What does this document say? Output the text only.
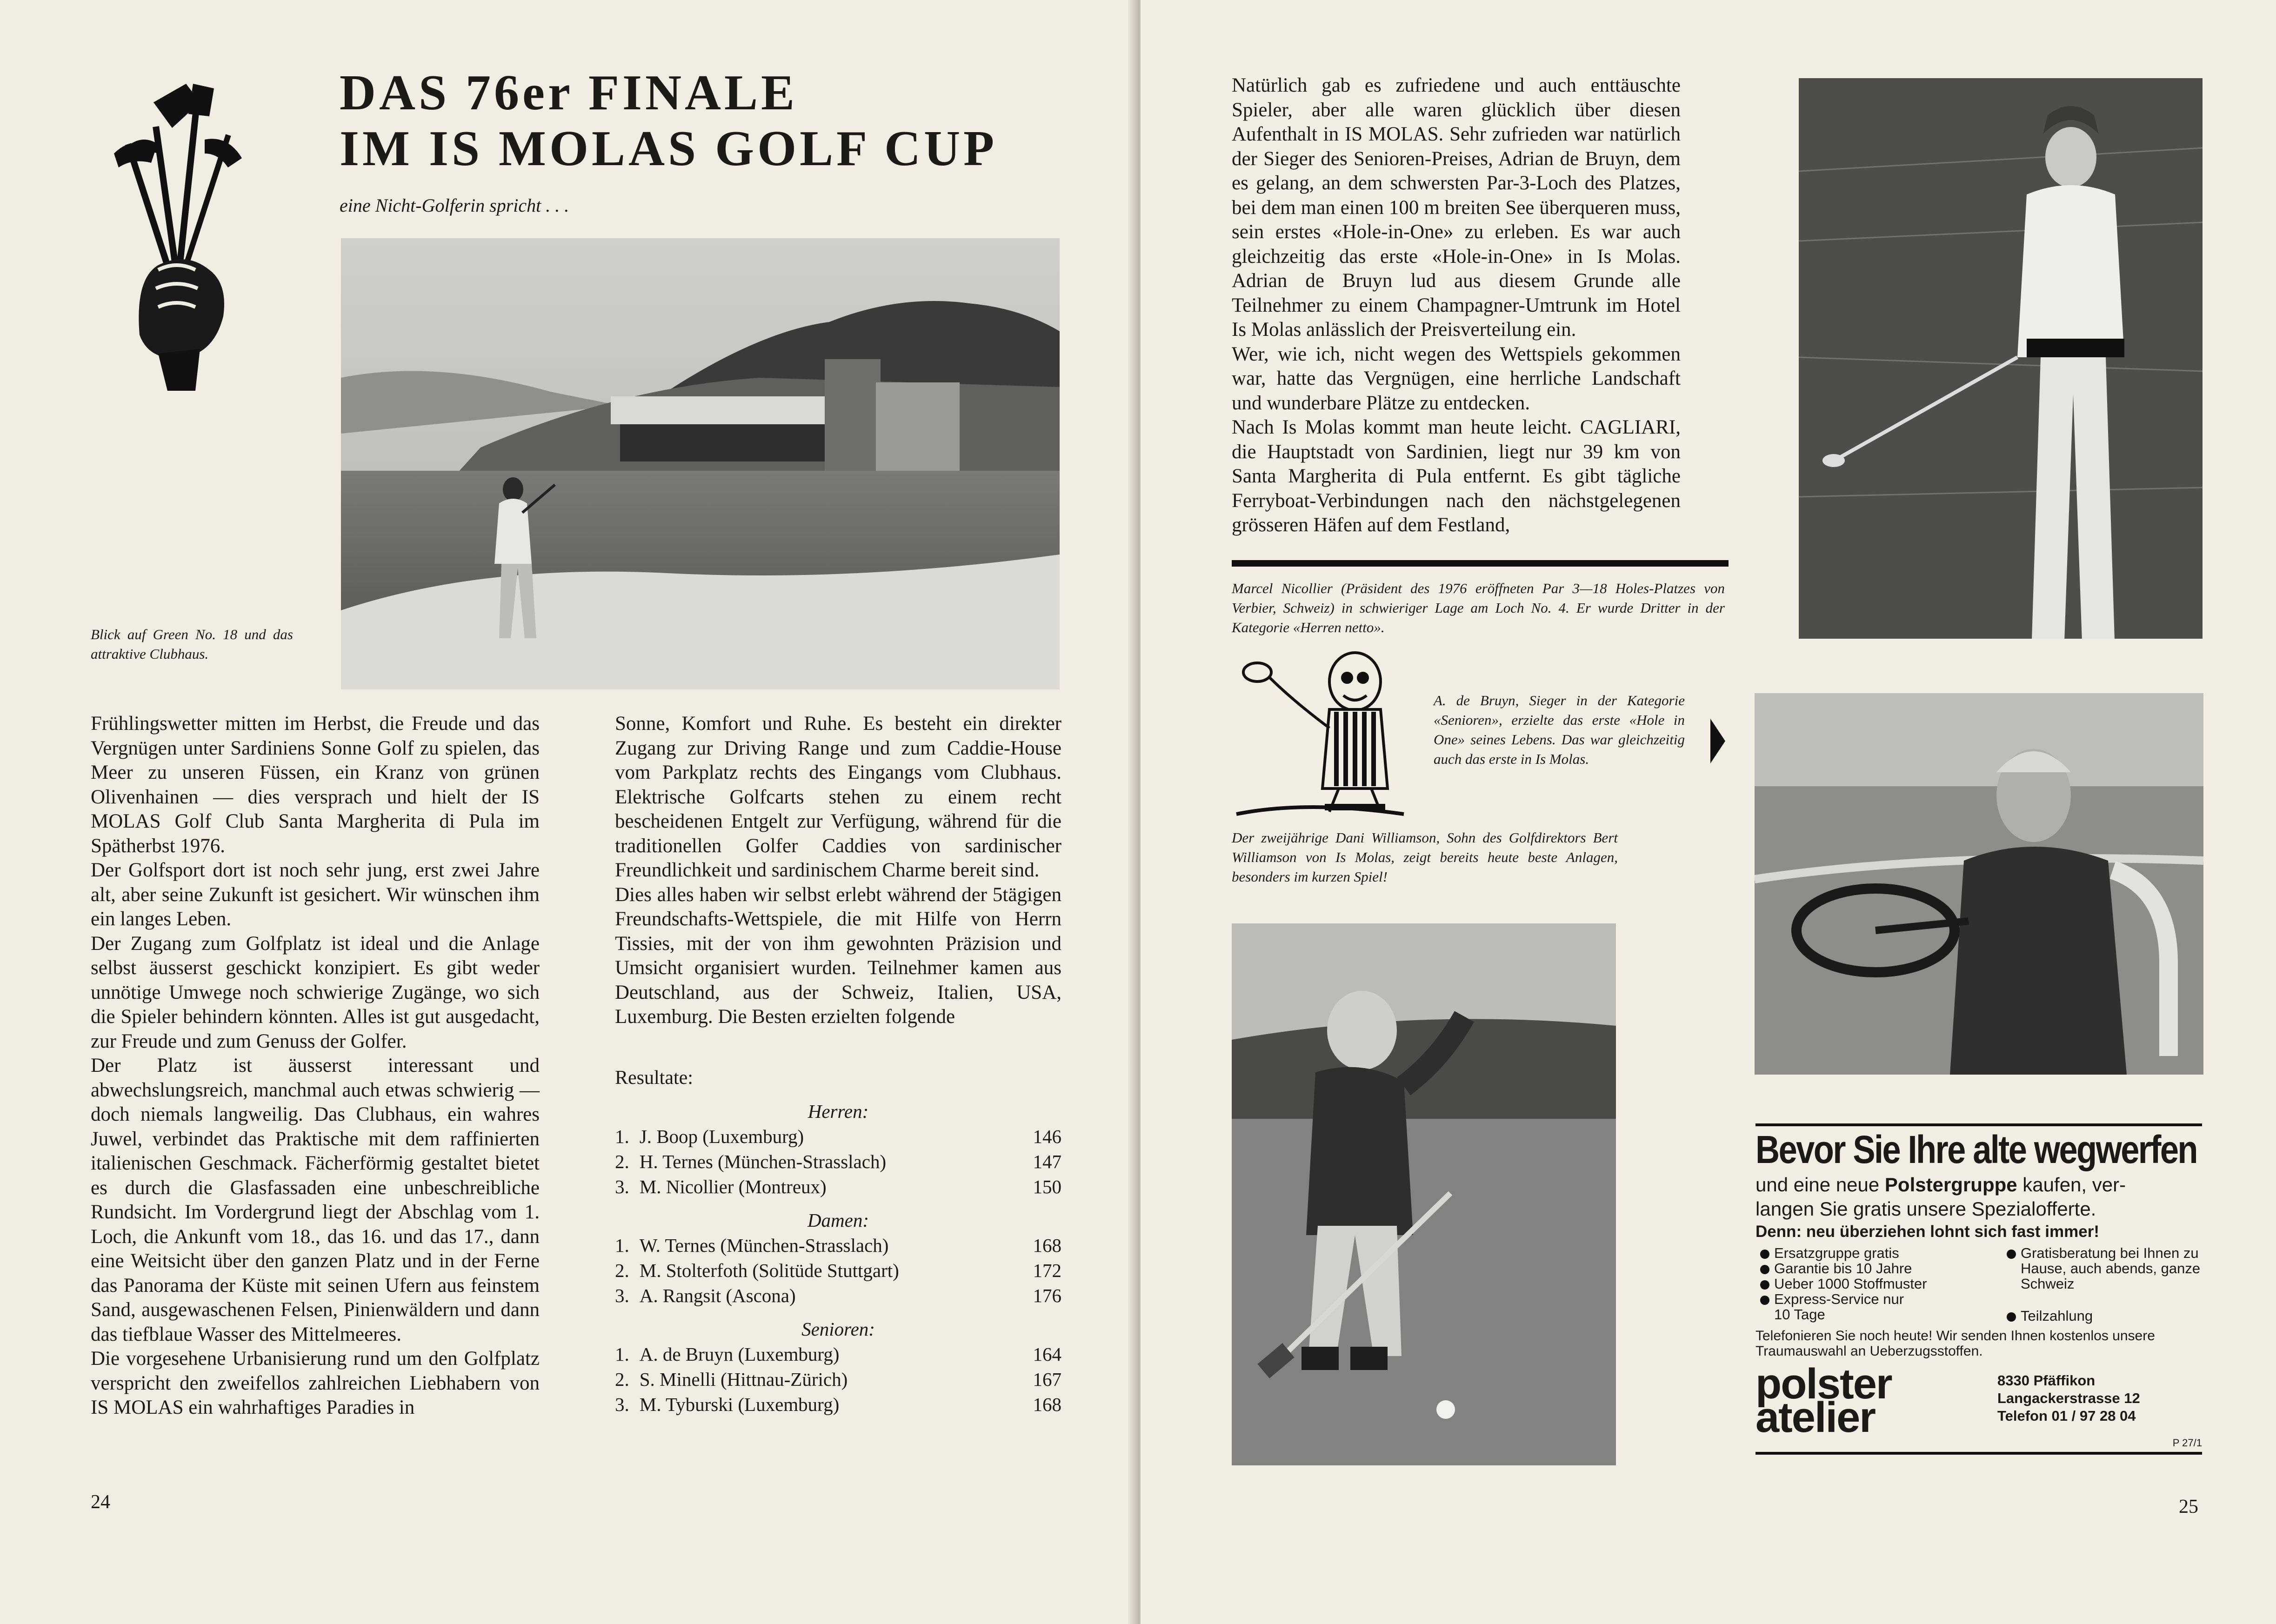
DAS 76er FINALE
IM IS MOLAS GOLF CUP
eine Nicht-Golferin spricht . . .
Blick auf Green No. 18 und das attraktive Clubhaus.

Frühlingswetter mitten im Herbst, die Freude und das Vergnügen unter Sardiniens Sonne Golf zu spielen, das Meer zu unseren Füssen, ein Kranz von grünen Olivenhainen — dies versprach und hielt der IS MOLAS Golf Club Santa Margherita di Pula im Spätherbst 1976.

Der Golfsport dort ist noch sehr jung, erst zwei Jahre alt, aber seine Zukunft ist gesichert. Wir wünschen ihm ein langes Leben.

Der Zugang zum Golfplatz ist ideal und die Anlage selbst äusserst geschickt konzipiert. Es gibt weder unnötige Umwege noch schwierige Zugänge, wo sich die Spieler behindern könnten. Alles ist gut ausgedacht, zur Freude und zum Genuss der Golfer.

Der Platz ist äusserst interessant und abwechslungsreich, manchmal auch etwas schwierig — doch niemals langweilig. Das Clubhaus, ein wahres Juwel, verbindet das Praktische mit dem raffinierten italienischen Geschmack. Fächerförmig gestaltet bietet es durch die Glasfassaden eine unbeschreibliche Rundsicht. Im Vordergrund liegt der Abschlag vom 1. Loch, die Ankunft vom 18., das 16. und das 17., dann eine Weitsicht über den ganzen Platz und in der Ferne das Panorama der Küste mit seinen Ufern aus feinstem Sand, ausgewaschenen Felsen, Pinienwäldern und dann das tiefblaue Wasser des Mittelmeeres.

Die vorgesehene Urbanisierung rund um den Golfplatz verspricht den zweifellos zahlreichen Liebhabern von IS MOLAS ein wahrhaftiges Paradies in

Sonne, Komfort und Ruhe. Es besteht ein direkter Zugang zur Driving Range und zum Caddie-House vom Parkplatz rechts des Eingangs vom Clubhaus. Elektrische Golfcarts stehen zu einem recht bescheidenen Entgelt zur Verfügung, während für die traditionellen Golfer Caddies von sardinischer Freundlichkeit und sardinischem Charme bereit sind.

Dies alles haben wir selbst erlebt während der 5tägigen Freundschafts-Wettspiele, die mit Hilfe von Herrn Tissies, mit der von ihm gewohnten Präzision und Umsicht organisiert wurden. Teilnehmer kamen aus Deutschland, aus der Schweiz, Italien, USA, Luxemburg. Die Besten erzielten folgende

Resultate:
Herren:
1. J. Boop (Luxemburg)	146
2. H. Ternes (München-Strasslach)	147
3. M. Nicollier (Montreux)	150
Damen:
1. W. Ternes (München-Strasslach)	168
2. M. Stolterfoth (Solitüde Stuttgart)	172
3. A. Rangsit (Ascona)	176
Senioren:
1. A. de Bruyn (Luxemburg)	164
2. S. Minelli (Hittnau-Zürich)	167
3. M. Tyburski (Luxemburg)	168
24

Natürlich gab es zufriedene und auch enttäuschte Spieler, aber alle waren glücklich über diesen Aufenthalt in IS MOLAS. Sehr zufrieden war natürlich der Sieger des Senioren-Preises, Adrian de Bruyn, dem es gelang, an dem schwersten Par-3-Loch des Platzes, bei dem man einen 100 m breiten See überqueren muss, sein erstes «Hole-in-One» zu erleben. Es war auch gleichzeitig das erste «Hole-in-One» in Is Molas. Adrian de Bruyn lud aus diesem Grunde alle Teilnehmer zu einem Champagner-Umtrunk im Hotel Is Molas anlässlich der Preisverteilung ein.

Wer, wie ich, nicht wegen des Wettspiels gekommen war, hatte das Vergnügen, eine herrliche Landschaft und wunderbare Plätze zu entdecken.

Nach Is Molas kommt man heute leicht. CAGLIARI, die Hauptstadt von Sardinien, liegt nur 39 km von Santa Margherita di Pula entfernt. Es gibt tägliche Ferryboat-Verbindungen nach den nächstgelegenen grösseren Häfen auf dem Festland,

Marcel Nicollier (Präsident des 1976 eröffneten Par 3—18 Holes-Platzes von Verbier, Schweiz) in schwieriger Lage am Loch No. 4. Er wurde Dritter in der Kategorie «Herren netto».
A. de Bruyn, Sieger in der Kategorie «Senioren», erzielte das erste «Hole in One» seines Lebens. Das war gleichzeitig auch das erste in Is Molas.
Der zweijährige Dani Williamson, Sohn des Golfdirektors Bert Williamson von Is Molas, zeigt bereits heute beste Anlagen, besonders im kurzen Spiel!
Bevor Sie Ihre alte wegwerfen
und eine neue Polstergruppe kaufen, ver-
langen Sie gratis unsere Spezialofferte.
Denn: neu überziehen lohnt sich fast immer!
Ersatzgruppe gratis
Garantie bis 10 Jahre
Ueber 1000 Stoffmuster
Express-Service nur 10 Tage
Gratisberatung bei Ihnen zu Hause, auch abends, ganze Schweiz
Teilzahlung
Telefonieren Sie noch heute! Wir senden Ihnen kostenlos unsere Traumauswahl an Ueberzugsstoffen.
polster
atelier
8330 Pfäffikon
Langackerstrasse 12
Telefon 01 / 97 28 04
P 27/1
25
